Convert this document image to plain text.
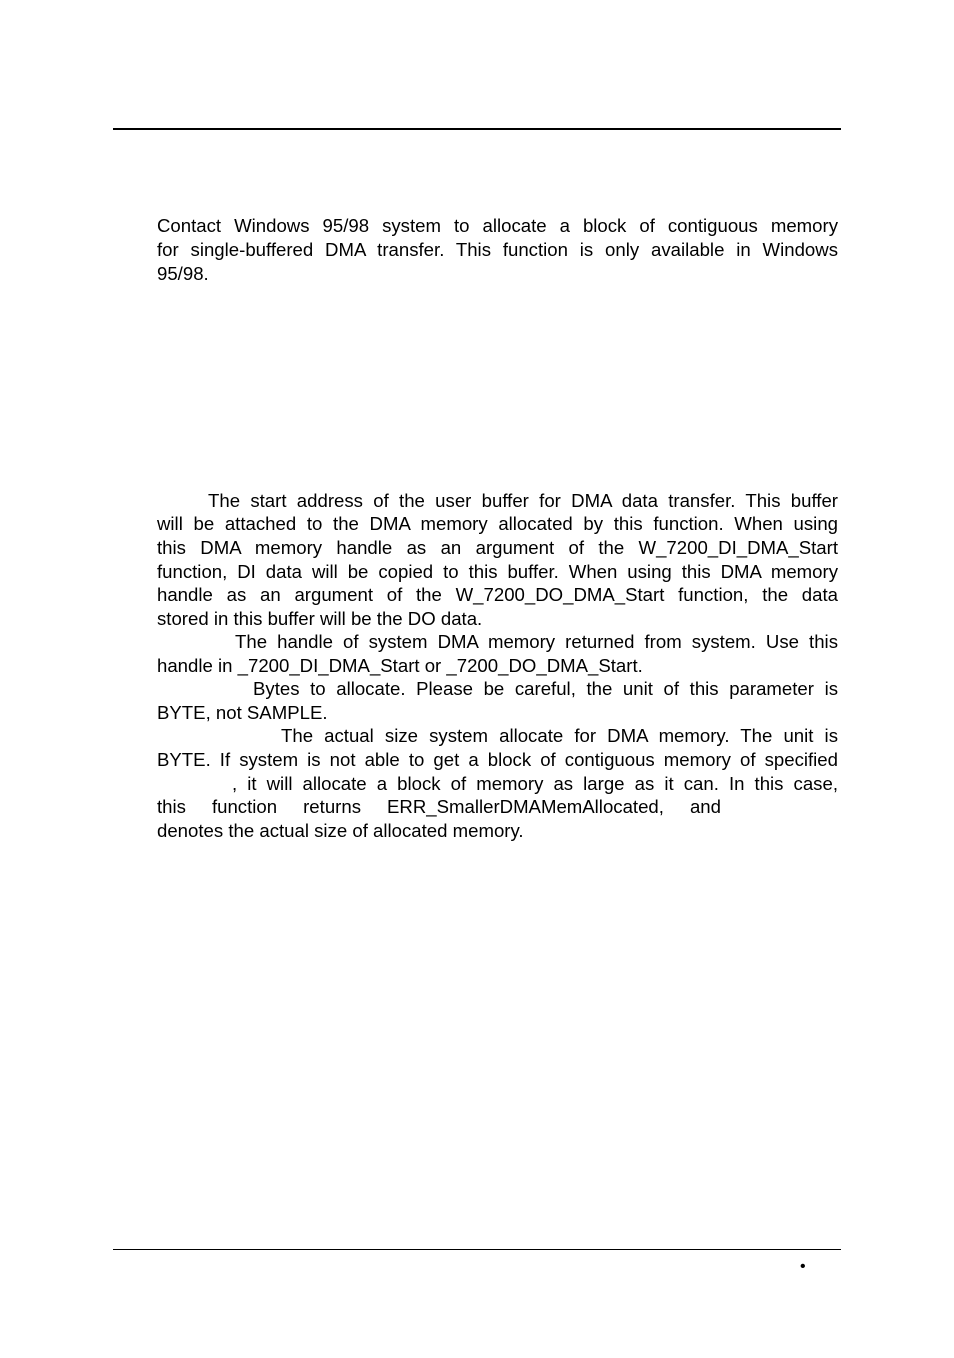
Contact Windows 95/98 system to allocate a block of contiguous memory
for single-buffered DMA transfer. This function is only available in Windows
95/98.
The start address of the user buffer for DMA data transfer. This buffer
will be attached to the DMA memory allocated by this function. When using
this DMA memory handle as an argument of the W_7200_DI_DMA_Start
function, DI data will be copied to this buffer. When using this DMA memory
handle as an argument of the W_7200_DO_DMA_Start function, the data
stored in this buffer will be the DO data.
The handle of system DMA memory returned from system. Use this
handle in _7200_DI_DMA_Start or _7200_DO_DMA_Start.
Bytes to allocate. Please be careful, the unit of this parameter is
BYTE, not SAMPLE.
The actual size system allocate for DMA memory. The unit is
BYTE. If system is not able to get a block of contiguous memory of specified
, it will allocate a block of memory as large as it can. In this case,
this function returns ERR_SmallerDMAMemAllocated, and
denotes the actual size of allocated memory.
•
